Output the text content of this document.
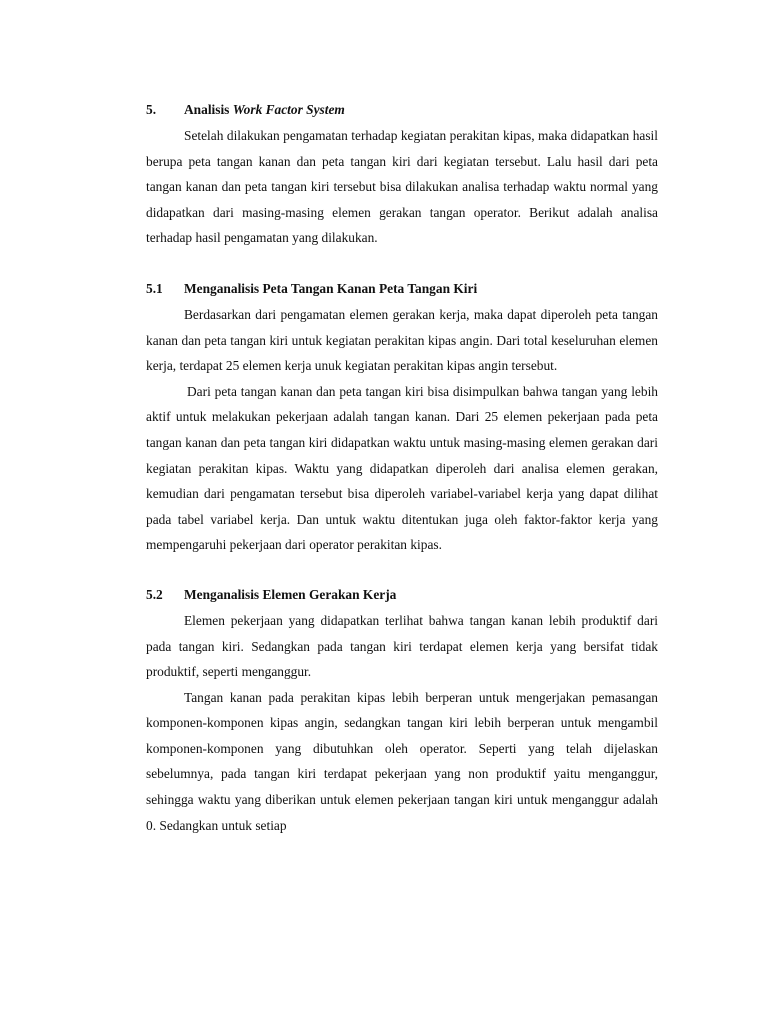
5.	Analisis Work Factor System

Setelah dilakukan pengamatan terhadap kegiatan perakitan kipas, maka didapatkan hasil berupa peta tangan kanan dan peta tangan kiri dari kegiatan tersebut. Lalu hasil dari peta tangan kanan dan peta tangan kiri tersebut bisa dilakukan analisa terhadap waktu normal yang didapatkan dari masing-masing elemen gerakan tangan operator. Berikut adalah analisa terhadap hasil pengamatan yang dilakukan.

5.1	Menganalisis Peta Tangan Kanan Peta Tangan Kiri

Berdasarkan dari pengamatan elemen gerakan kerja, maka dapat diperoleh peta tangan kanan dan peta tangan kiri untuk kegiatan perakitan kipas angin. Dari total keseluruhan elemen kerja, terdapat 25 elemen kerja unuk kegiatan perakitan kipas angin tersebut.

Dari peta tangan kanan dan peta tangan kiri bisa disimpulkan bahwa tangan yang lebih aktif untuk melakukan pekerjaan adalah tangan kanan. Dari 25 elemen pekerjaan pada peta tangan kanan dan peta tangan kiri didapatkan waktu untuk masing-masing elemen gerakan dari kegiatan perakitan kipas. Waktu yang didapatkan diperoleh dari analisa elemen gerakan, kemudian dari pengamatan tersebut bisa diperoleh variabel-variabel kerja yang dapat dilihat pada tabel variabel kerja. Dan untuk waktu ditentukan juga oleh faktor-faktor kerja yang mempengaruhi pekerjaan dari operator perakitan kipas.

5.2	Menganalisis Elemen Gerakan Kerja

Elemen pekerjaan yang didapatkan terlihat bahwa tangan kanan lebih produktif dari pada tangan kiri. Sedangkan pada tangan kiri terdapat elemen kerja yang bersifat tidak produktif, seperti menganggur.

Tangan kanan pada perakitan kipas lebih berperan untuk mengerjakan pemasangan komponen-komponen kipas angin, sedangkan tangan kiri lebih berperan untuk mengambil komponen-komponen yang dibutuhkan oleh operator. Seperti yang telah dijelaskan sebelumnya, pada tangan kiri terdapat pekerjaan yang non produktif yaitu menganggur, sehingga waktu yang diberikan untuk elemen pekerjaan tangan kiri untuk menganggur adalah 0. Sedangkan untuk setiap
